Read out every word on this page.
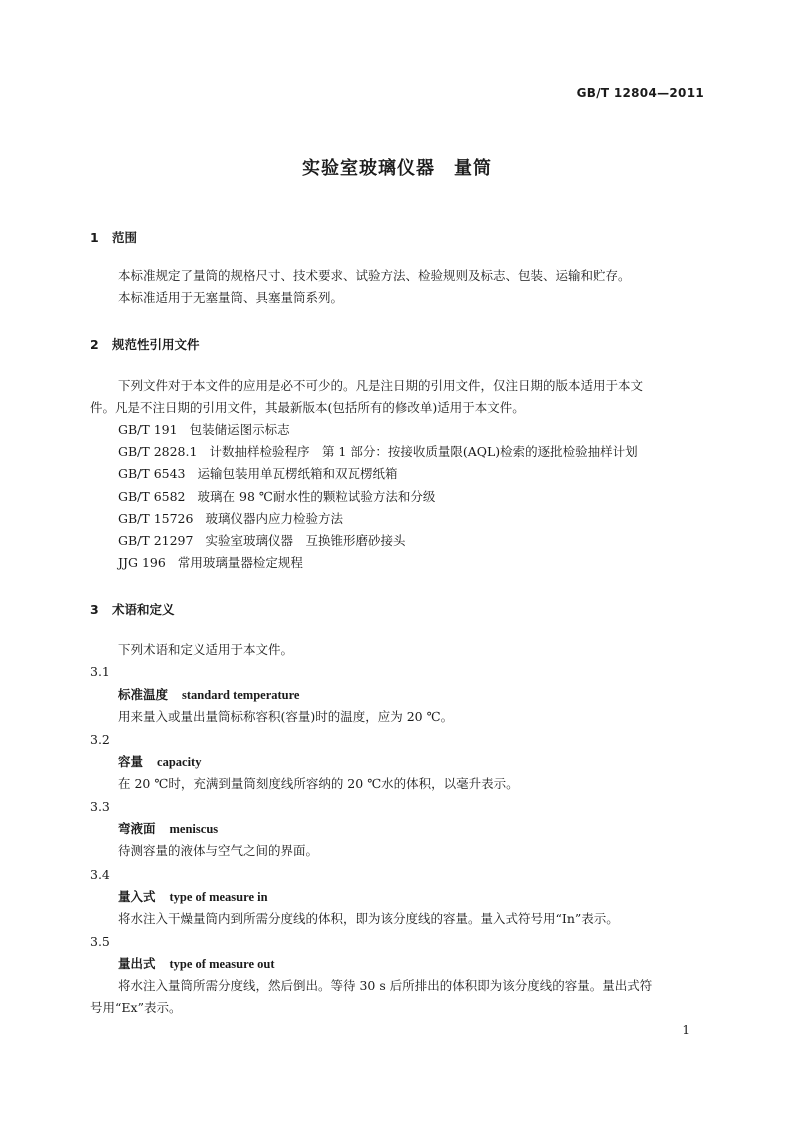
GB/T 12804—2011
实验室玻璃仪器　量筒
1 范围
本标准规定了量筒的规格尺寸、技术要求、试验方法、检验规则及标志、包装、运输和贮存。
本标准适用于无塞量筒、具塞量筒系列。
2 规范性引用文件
下列文件对于本文件的应用是必不可少的。凡是注日期的引用文件，仅注日期的版本适用于本文
件。凡是不注日期的引用文件，其最新版本(包括所有的修改单)适用于本文件。
GB/T 191 包装储运图示标志
GB/T 2828.1 计数抽样检验程序　第 1 部分：按接收质量限(AQL)检索的逐批检验抽样计划
GB/T 6543 运输包装用单瓦楞纸箱和双瓦楞纸箱
GB/T 6582 玻璃在 98 ℃耐水性的颗粒试验方法和分级
GB/T 15726 玻璃仪器内应力检验方法
GB/T 21297 实验室玻璃仪器　互换锥形磨砂接头
JJG 196 常用玻璃量器检定规程
3 术语和定义
下列术语和定义适用于本文件。
3.1
标准温度 standard temperature
用来量入或量出量筒标称容积(容量)时的温度，应为 20 ℃。
3.2
容量 capacity
在 20 ℃时，充满到量筒刻度线所容纳的 20 ℃水的体积，以毫升表示。
3.3
弯液面 meniscus
待测容量的液体与空气之间的界面。
3.4
量入式 type of measure in
将水注入干燥量筒内到所需分度线的体积，即为该分度线的容量。量入式符号用“In”表示。
3.5
量出式 type of measure out
将水注入量筒所需分度线，然后倒出。等待 30 s 后所排出的体积即为该分度线的容量。量出式符
号用“Ex”表示。
1
